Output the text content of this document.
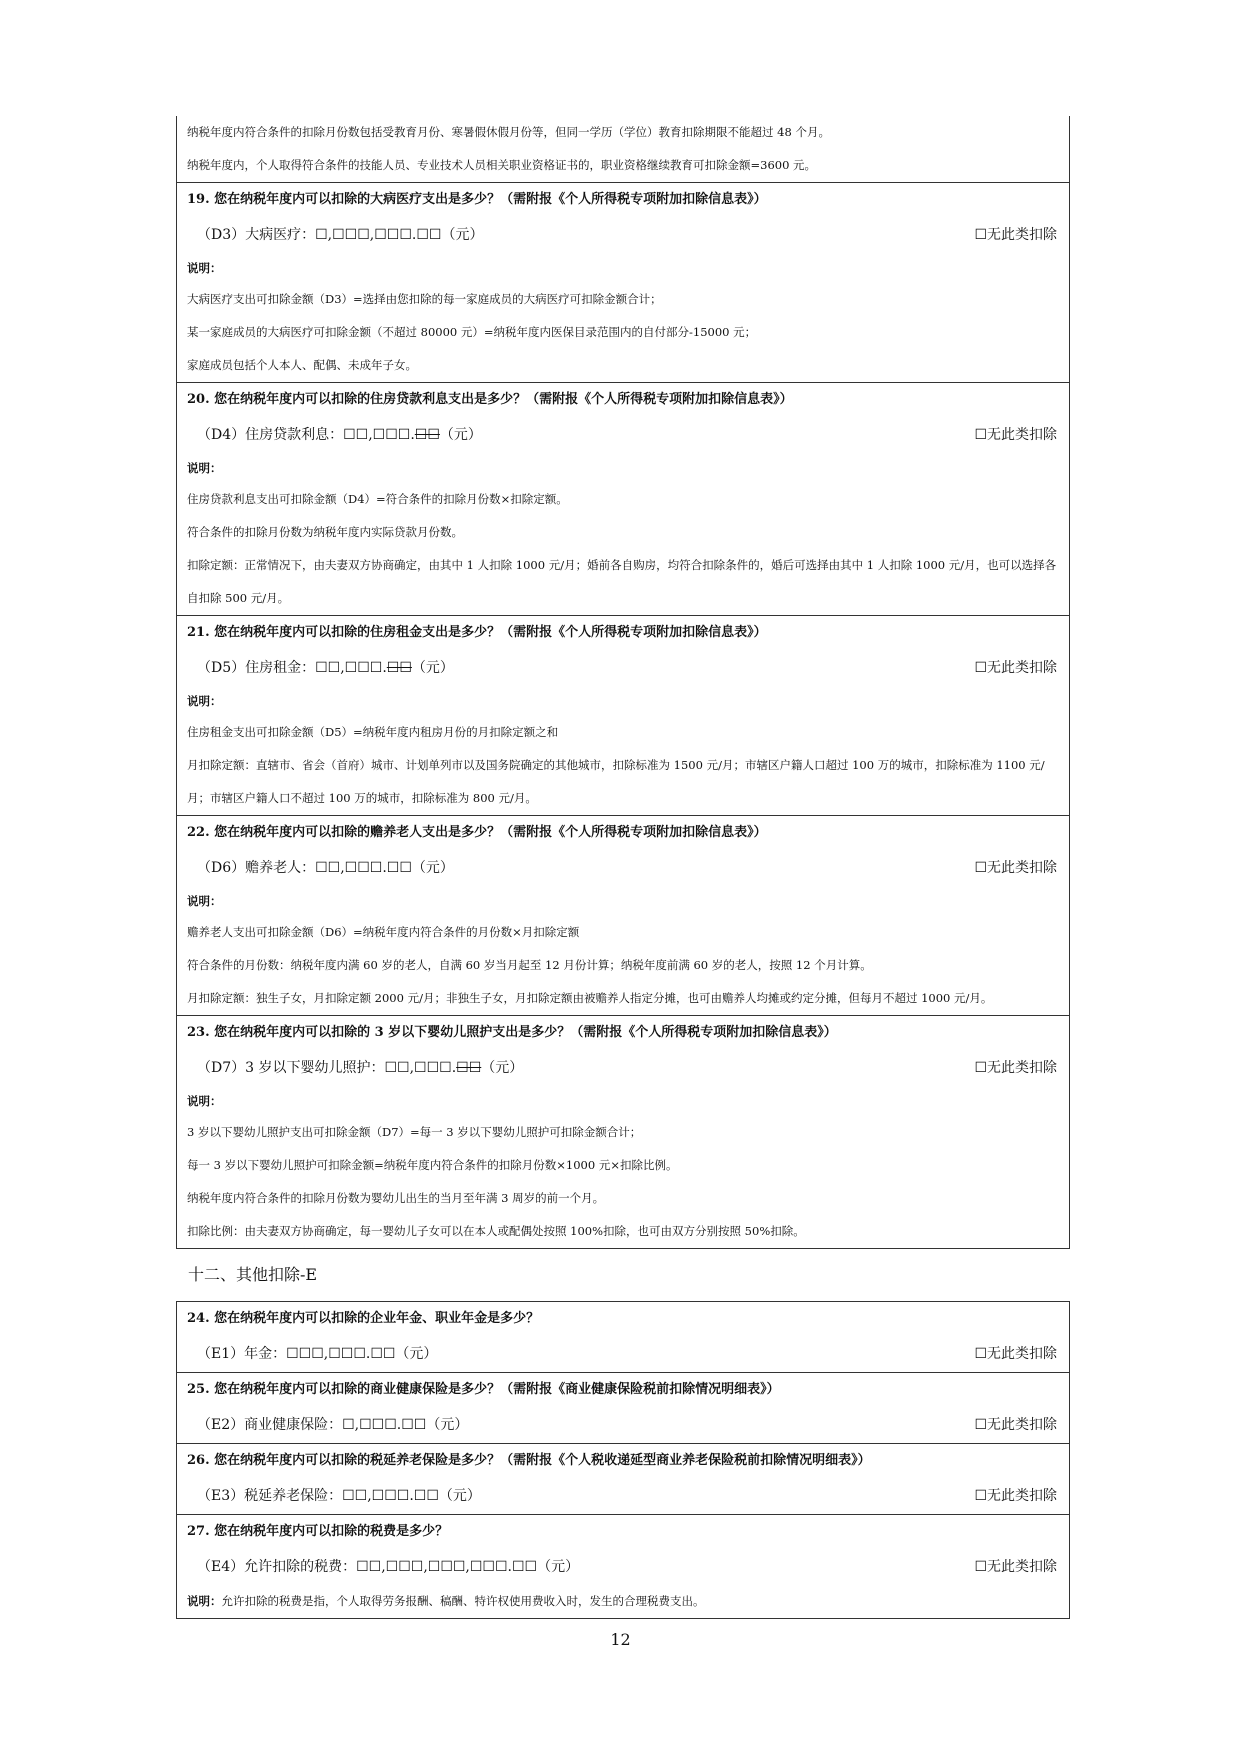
纳税年度内符合条件的扣除月份数包括受教育月份、寒暑假休假月份等，但同一学历（学位）教育扣除期限不能超过 48 个月。
纳税年度内，个人取得符合条件的技能人员、专业技术人员相关职业资格证书的，职业资格继续教育可扣除金额=3600 元。
19. 您在纳税年度内可以扣除的大病医疗支出是多少？（需附报《个人所得税专项附加扣除信息表》）
（D3）大病医疗：☐,☐☐☐,☐☐☐.☐☐（元）	☐无此类扣除
说明：
大病医疗支出可扣除金额（D3）=选择由您扣除的每一家庭成员的大病医疗可扣除金额合计；
某一家庭成员的大病医疗可扣除金额（不超过 80000 元）=纳税年度内医保目录范围内的自付部分-15000 元；
家庭成员包括个人本人、配偶、未成年子女。
20. 您在纳税年度内可以扣除的住房贷款利息支出是多少？（需附报《个人所得税专项附加扣除信息表》）
（D4）住房贷款利息：☐☐,☐☐☐.☐☐（元）	☐无此类扣除
说明：
住房贷款利息支出可扣除金额（D4）=符合条件的扣除月份数×扣除定额。
符合条件的扣除月份数为纳税年度内实际贷款月份数。
扣除定额：正常情况下，由夫妻双方协商确定，由其中 1 人扣除 1000 元/月；婚前各自购房，均符合扣除条件的，婚后可选择由其中 1 人扣除 1000 元/月，也可以选择各自扣除 500 元/月。
21. 您在纳税年度内可以扣除的住房租金支出是多少？（需附报《个人所得税专项附加扣除信息表》）
（D5）住房租金：☐☐,☐☐☐.☐☐（元）	☐无此类扣除
说明：
住房租金支出可扣除金额（D5）=纳税年度内租房月份的月扣除定额之和
月扣除定额：直辖市、省会（首府）城市、计划单列市以及国务院确定的其他城市，扣除标准为 1500 元/月；市辖区户籍人口超过 100 万的城市，扣除标准为 1100 元/月；市辖区户籍人口不超过 100 万的城市，扣除标准为 800 元/月。
22. 您在纳税年度内可以扣除的赡养老人支出是多少？（需附报《个人所得税专项附加扣除信息表》）
（D6）赡养老人：☐☐,☐☐☐.☐☐（元）	☐无此类扣除
说明：
赡养老人支出可扣除金额（D6）=纳税年度内符合条件的月份数×月扣除定额
符合条件的月份数：纳税年度内满 60 岁的老人，自满 60 岁当月起至 12 月份计算；纳税年度前满 60 岁的老人，按照 12 个月计算。
月扣除定额：独生子女，月扣除定额 2000 元/月；非独生子女，月扣除定额由被赡养人指定分摊，也可由赡养人均摊或约定分摊，但每月不超过 1000 元/月。
23. 您在纳税年度内可以扣除的 3 岁以下婴幼儿照护支出是多少？（需附报《个人所得税专项附加扣除信息表》）
（D7）3 岁以下婴幼儿照护：☐☐,☐☐☐.☐☐（元）	☐无此类扣除
说明：
3 岁以下婴幼儿照护支出可扣除金额（D7）=每一 3 岁以下婴幼儿照护可扣除金额合计；
每一 3 岁以下婴幼儿照护可扣除金额=纳税年度内符合条件的扣除月份数×1000 元×扣除比例。
纳税年度内符合条件的扣除月份数为婴幼儿出生的当月至年满 3 周岁的前一个月。
扣除比例：由夫妻双方协商确定，每一婴幼儿子女可以在本人或配偶处按照 100%扣除，也可由双方分别按照 50%扣除。
十二、其他扣除-E
24. 您在纳税年度内可以扣除的企业年金、职业年金是多少？
（E1）年金：☐☐☐,☐☐☐.☐☐（元）	☐无此类扣除
25. 您在纳税年度内可以扣除的商业健康保险是多少？（需附报《商业健康保险税前扣除情况明细表》）
（E2）商业健康保险：☐,☐☐☐.☐☐（元）	☐无此类扣除
26. 您在纳税年度内可以扣除的税延养老保险是多少？（需附报《个人税收递延型商业养老保险税前扣除情况明细表》）
（E3）税延养老保险：☐☐,☐☐☐.☐☐（元）	☐无此类扣除
27. 您在纳税年度内可以扣除的税费是多少？
（E4）允许扣除的税费：☐☐,☐☐☐,☐☐☐,☐☐☐.☐☐（元）	☐无此类扣除
说明：允许扣除的税费是指，个人取得劳务报酬、稿酬、特许权使用费收入时，发生的合理税费支出。
12
